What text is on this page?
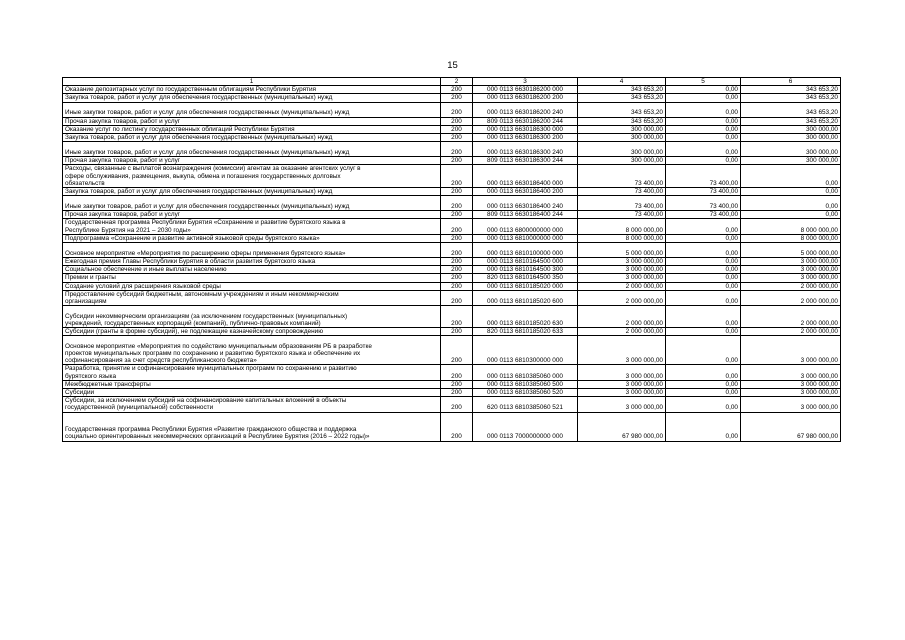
15
1	2	3	4	5	6
Оказание депозитарных услуг по государственным облигациям Республики Бурятия	200	000 0113 6630186200 000	343 653,20	0,00	343 653,20
Закупка товаров, работ и услуг для обеспечения государственных (муниципальных) нужд	200	000 0113 6630186200 200	343 653,20	0,00	343 653,20
Иные закупки товаров, работ и услуг для обеспечения государственных (муниципальных) нужд	200	000 0113 6630186200 240	343 653,20	0,00	343 653,20
Прочая закупка товаров, работ и услуг	200	809 0113 6630186200 244	343 653,20	0,00	343 653,20
Оказание услуг по листингу государственных облигаций Республики Бурятия	200	000 0113 6630186300 000	300 000,00	0,00	300 000,00
Закупка товаров, работ и услуг для обеспечения государственных (муниципальных) нужд	200	000 0113 6630186300 200	300 000,00	0,00	300 000,00
Иные закупки товаров, работ и услуг для обеспечения государственных (муниципальных) нужд	200	000 0113 6630186300 240	300 000,00	0,00	300 000,00
Прочая закупка товаров, работ и услуг	200	809 0113 6630186300 244	300 000,00	0,00	300 000,00
Расходы, связанные с выплатой вознаграждения (комиссии) агентам за оказание агентских услуг в
сфере обслуживания, размещения, выкупа, обмена и погашения государственных долговых
обязательств	200	000 0113 6630186400 000	73 400,00	73 400,00	0,00
Закупка товаров, работ и услуг для обеспечения государственных (муниципальных) нужд	200	000 0113 6630186400 200	73 400,00	73 400,00	0,00
Иные закупки товаров, работ и услуг для обеспечения государственных (муниципальных) нужд	200	000 0113 6630186400 240	73 400,00	73 400,00	0,00
Прочая закупка товаров, работ и услуг	200	809 0113 6630186400 244	73 400,00	73 400,00	0,00
Государственная программа Республики Бурятия «Сохранение и развитие бурятского языка в
Республике Бурятия на 2021 – 2030 годы»	200	000 0113 6800000000 000	8 000 000,00	0,00	8 000 000,00
Подпрограмма «Сохранение и развитие активной языковой среды бурятского языка»	200	000 0113 6810000000 000	8 000 000,00	0,00	8 000 000,00
Основное мероприятие «Мероприятия по расширению сферы применения бурятского языка»	200	000 0113 6810100000 000	5 000 000,00	0,00	5 000 000,00
Ежегодная премия Главы Республики Бурятия в области развития бурятского языка	200	000 0113 6810164500 000	3 000 000,00	0,00	3 000 000,00
Социальное обеспечение и иные выплаты населению	200	000 0113 6810164500 300	3 000 000,00	0,00	3 000 000,00
Премии и гранты	200	820 0113 6810164500 350	3 000 000,00	0,00	3 000 000,00
Создание условий для расширения языковой среды	200	000 0113 6810185020 000	2 000 000,00	0,00	2 000 000,00
Предоставление субсидий бюджетным, автономным учреждениям и иным некоммерческим
организациям	200	000 0113 6810185020 600	2 000 000,00	0,00	2 000 000,00
Субсидии некоммерческим организациям (за исключением государственных (муниципальных)
учреждений, государственных корпораций (компаний), публично-правовых компаний)	200	000 0113 6810185020 630	2 000 000,00	0,00	2 000 000,00
Субсидии (гранты в форме субсидий), не подлежащие казначейскому сопровождению	200	820 0113 6810185020 633	2 000 000,00	0,00	2 000 000,00
Основное мероприятие «Мероприятия по содействию муниципальным образованиям РБ в разработке
проектов муниципальных программ по сохранению и развитию бурятского языка и обеспечение их
софинансирования за счет средств республиканского бюджета»	200	000 0113 6810300000 000	3 000 000,00	0,00	3 000 000,00
Разработка, принятие и софинансирование муниципальных программ по сохранению и развитию
бурятского языка	200	000 0113 6810385060 000	3 000 000,00	0,00	3 000 000,00
Межбюджетные трансферты	200	000 0113 6810385060 500	3 000 000,00	0,00	3 000 000,00
Субсидии	200	000 0113 6810385060 520	3 000 000,00	0,00	3 000 000,00
Субсидии, за исключением субсидий на софинансирование капитальных вложений в объекты
государственной (муниципальной) собственности	200	620 0113 6810385060 521	3 000 000,00	0,00	3 000 000,00
Государственная программа Республики Бурятия «Развитие гражданского общества и поддержка
социально ориентированных некоммерческих организаций в Республике Бурятия (2016 – 2022 годы)»	200	000 0113 7000000000 000	67 980 000,00	0,00	67 980 000,00
